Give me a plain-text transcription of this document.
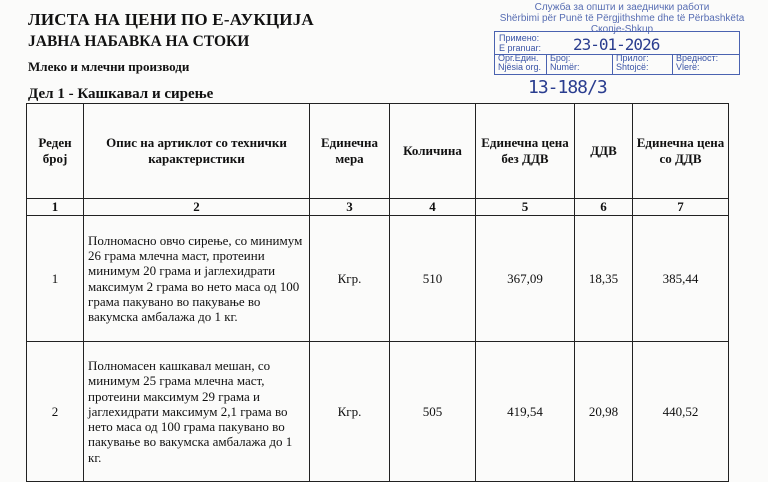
ЛИСТА НА ЦЕНИ ПО Е-АУКЦИЈА
ЈАВНА НАБАВКА НА СТОКИ
Млеко и млечни производи
Дел 1 - Кашкавал и сирење
Служба за општи и заеднички работи
Shërbimi për Punë të Përgjithshme dhe të Përbashkëta
Скопје-Shkup
Примено:
E pranuar: 23-01-2026
Орг.Един.
Njësia org.
Број:
Numër:
Прилог:
Shtojcë:
Вредност:
Vlerë:
13-188/3
Реден број	Опис на артиклот со технички карактеристики	Единечна мера	Количина	Единечна цена без ДДВ	ДДВ	Единечна цена со ДДВ
1	2	3	4	5	6	7
1	Полномасно овчо сирење, со минимум 26 грама млечна маст, протеини минимум 20 грама и јаглехидрати максимум 2 грама во нето маса од 100 грама пакувано во пакување во вакумска амбалажа до 1 кг.	Кгр.	510	367,09	18,35	385,44
2	Полномасен кашкавал мешан, со минимум 25 грама млечна маст, протеини максимум 29 грама и јаглехидрати максимум 2,1 грама во нето маса од 100 грама пакувано во пакување во вакумска амбалажа до 1 кг.	Кгр.	505	419,54	20,98	440,52
